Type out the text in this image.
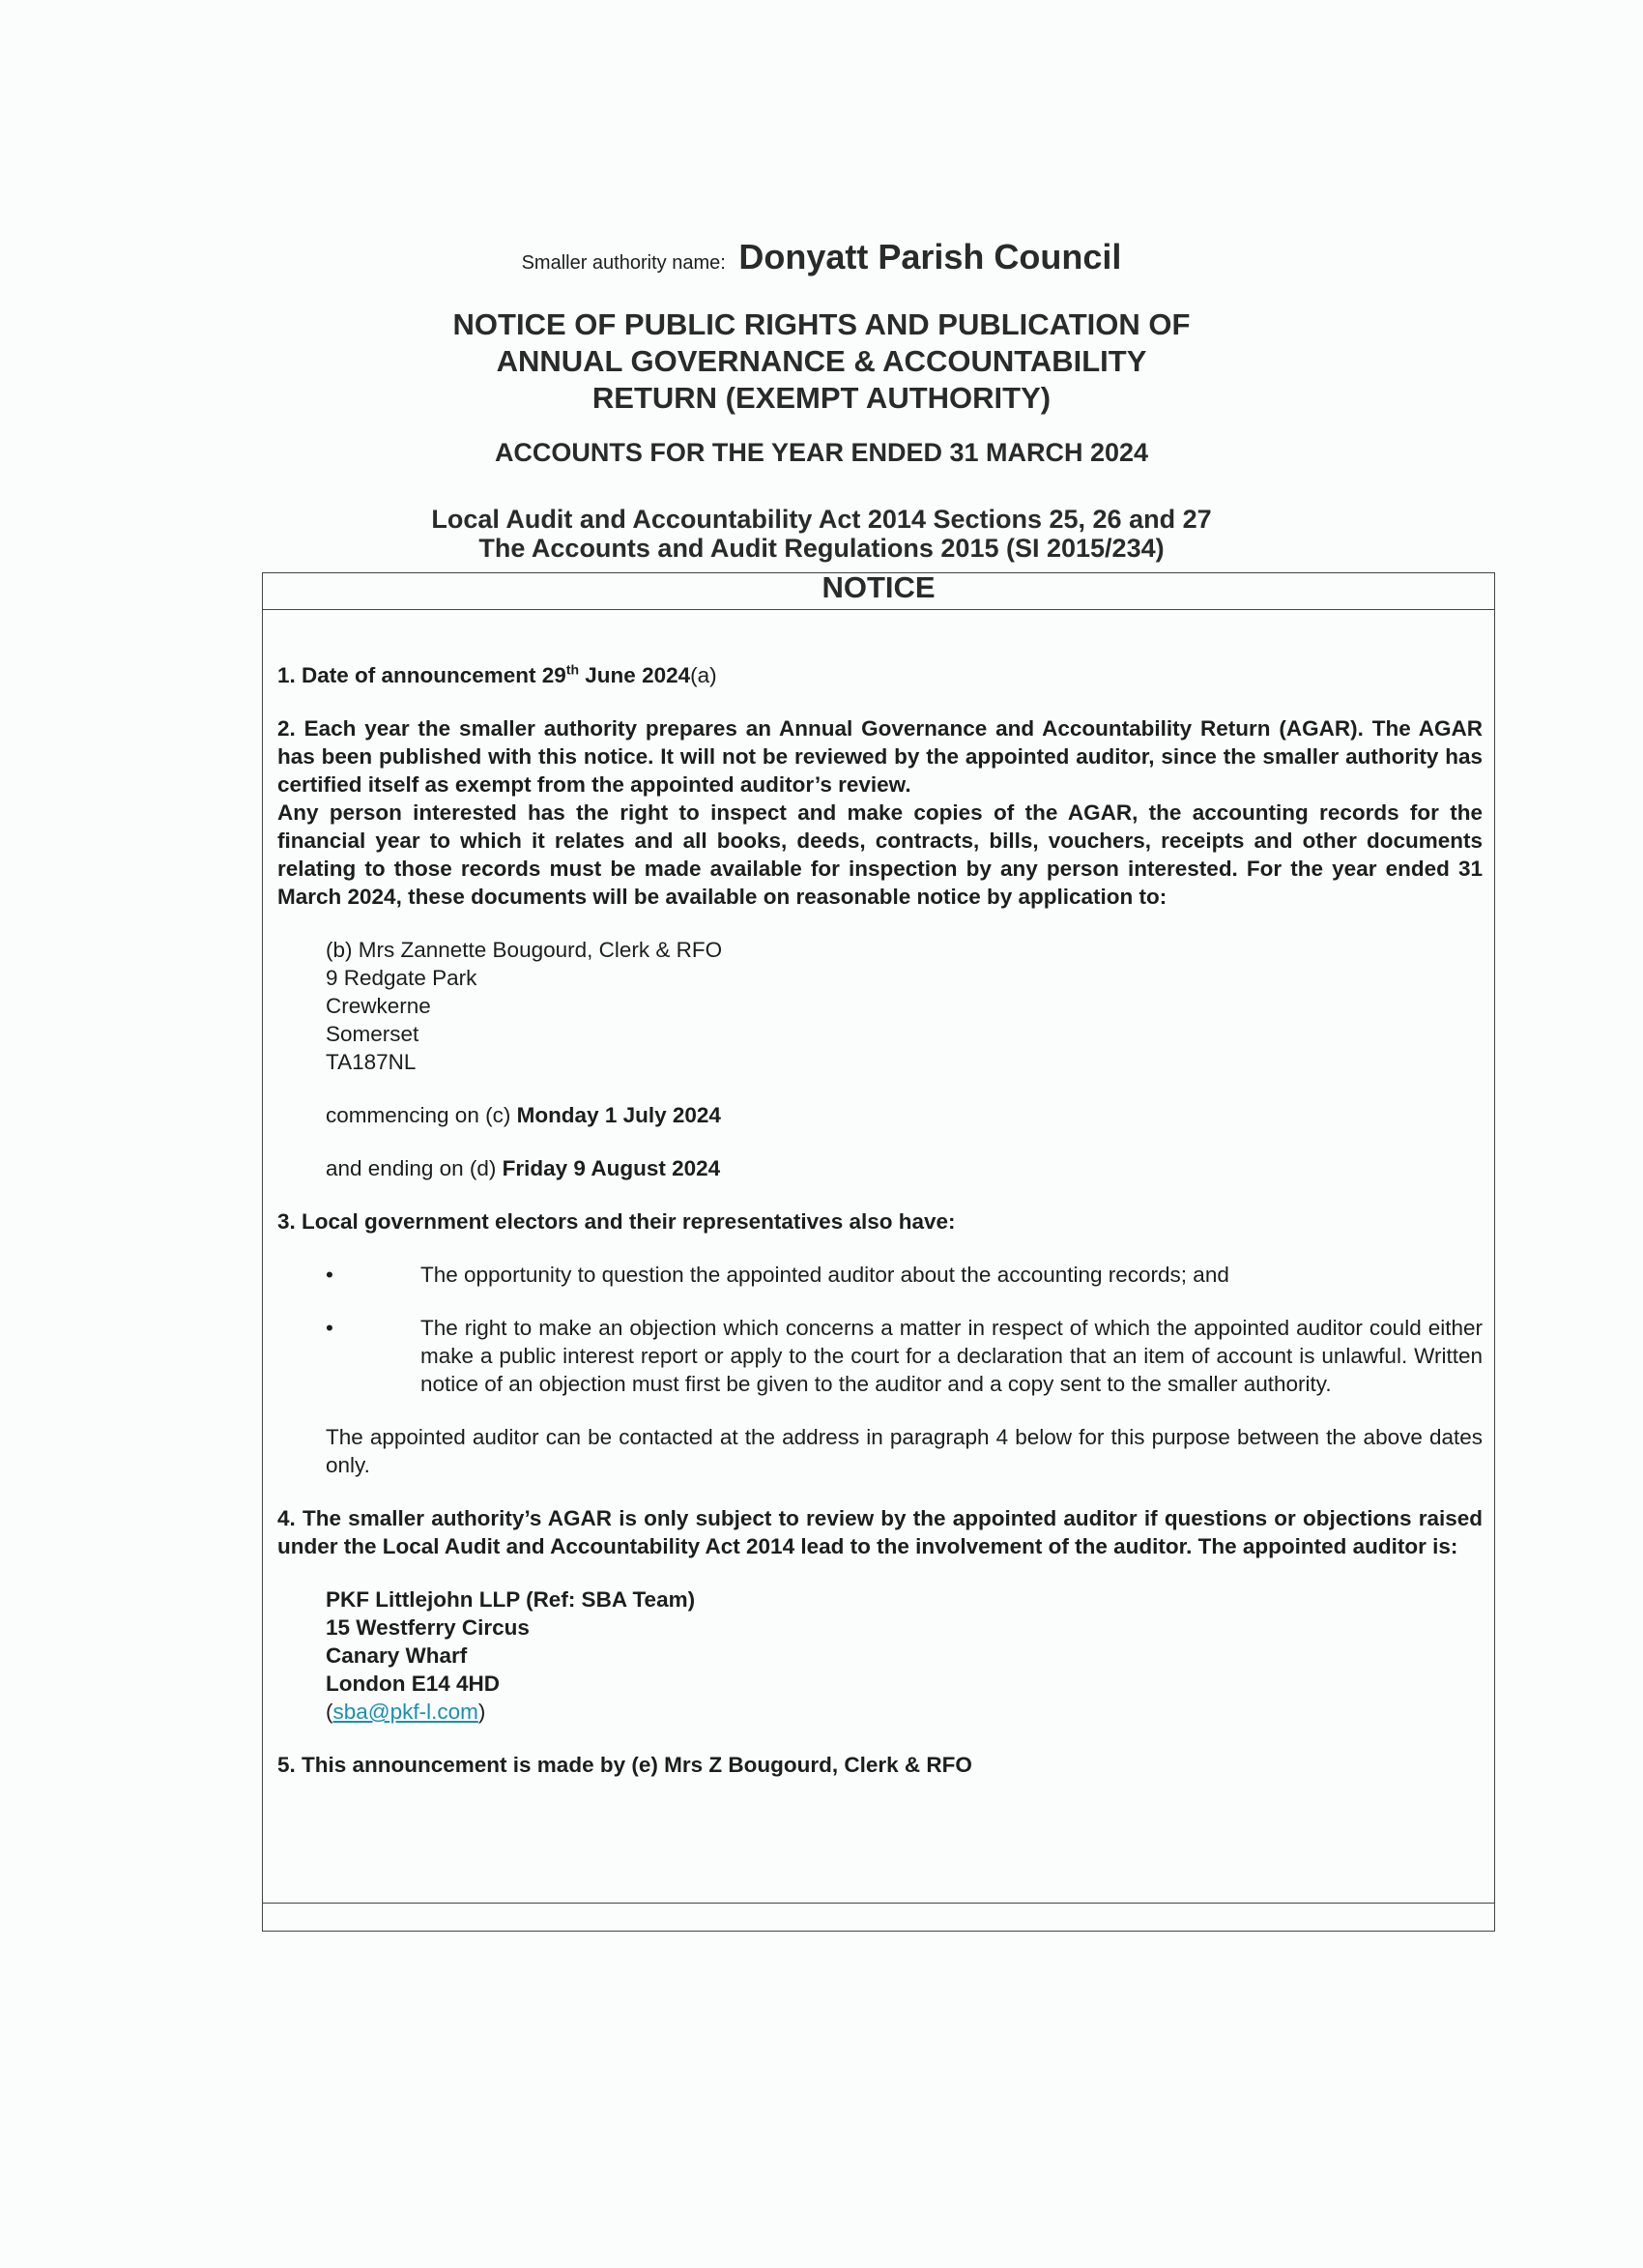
Smaller authority name: Donyatt Parish Council
NOTICE OF PUBLIC RIGHTS AND PUBLICATION OF
ANNUAL GOVERNANCE & ACCOUNTABILITY
RETURN (EXEMPT AUTHORITY)
ACCOUNTS FOR THE YEAR ENDED 31 MARCH 2024
Local Audit and Accountability Act 2014 Sections 25, 26 and 27
The Accounts and Audit Regulations 2015 (SI 2015/234)
NOTICE

1. Date of announcement 29th June 2024(a)

2. Each year the smaller authority prepares an Annual Governance and Accountability Return (AGAR). The AGAR has been published with this notice. It will not be reviewed by the appointed auditor, since the smaller authority has certified itself as exempt from the appointed auditor’s review.

Any person interested has the right to inspect and make copies of the AGAR, the accounting records for the financial year to which it relates and all books, deeds, contracts, bills, vouchers, receipts and other documents relating to those records must be made available for inspection by any person interested. For the year ended 31 March 2024, these documents will be available on reasonable notice by application to:

(b) Mrs Zannette Bougourd, Clerk & RFO
9 Redgate Park
Crewkerne
Somerset
TA187NL

commencing on (c) Monday 1 July 2024

and ending on (d) Friday 9 August 2024

3. Local government electors and their representatives also have:

•	The opportunity to question the appointed auditor about the accounting records; and
•	The right to make an objection which concerns a matter in respect of which the appointed auditor could either make a public interest report or apply to the court for a declaration that an item of account is unlawful. Written notice of an objection must first be given to the auditor and a copy sent to the smaller authority.

The appointed auditor can be contacted at the address in paragraph 4 below for this purpose between the above dates only.

4. The smaller authority’s AGAR is only subject to review by the appointed auditor if questions or objections raised under the Local Audit and Accountability Act 2014 lead to the involvement of the auditor. The appointed auditor is:

PKF Littlejohn LLP (Ref: SBA Team)
15 Westferry Circus
Canary Wharf
London E14 4HD
(sba@pkf-l.com)

5. This announcement is made by (e) Mrs Z Bougourd, Clerk & RFO
